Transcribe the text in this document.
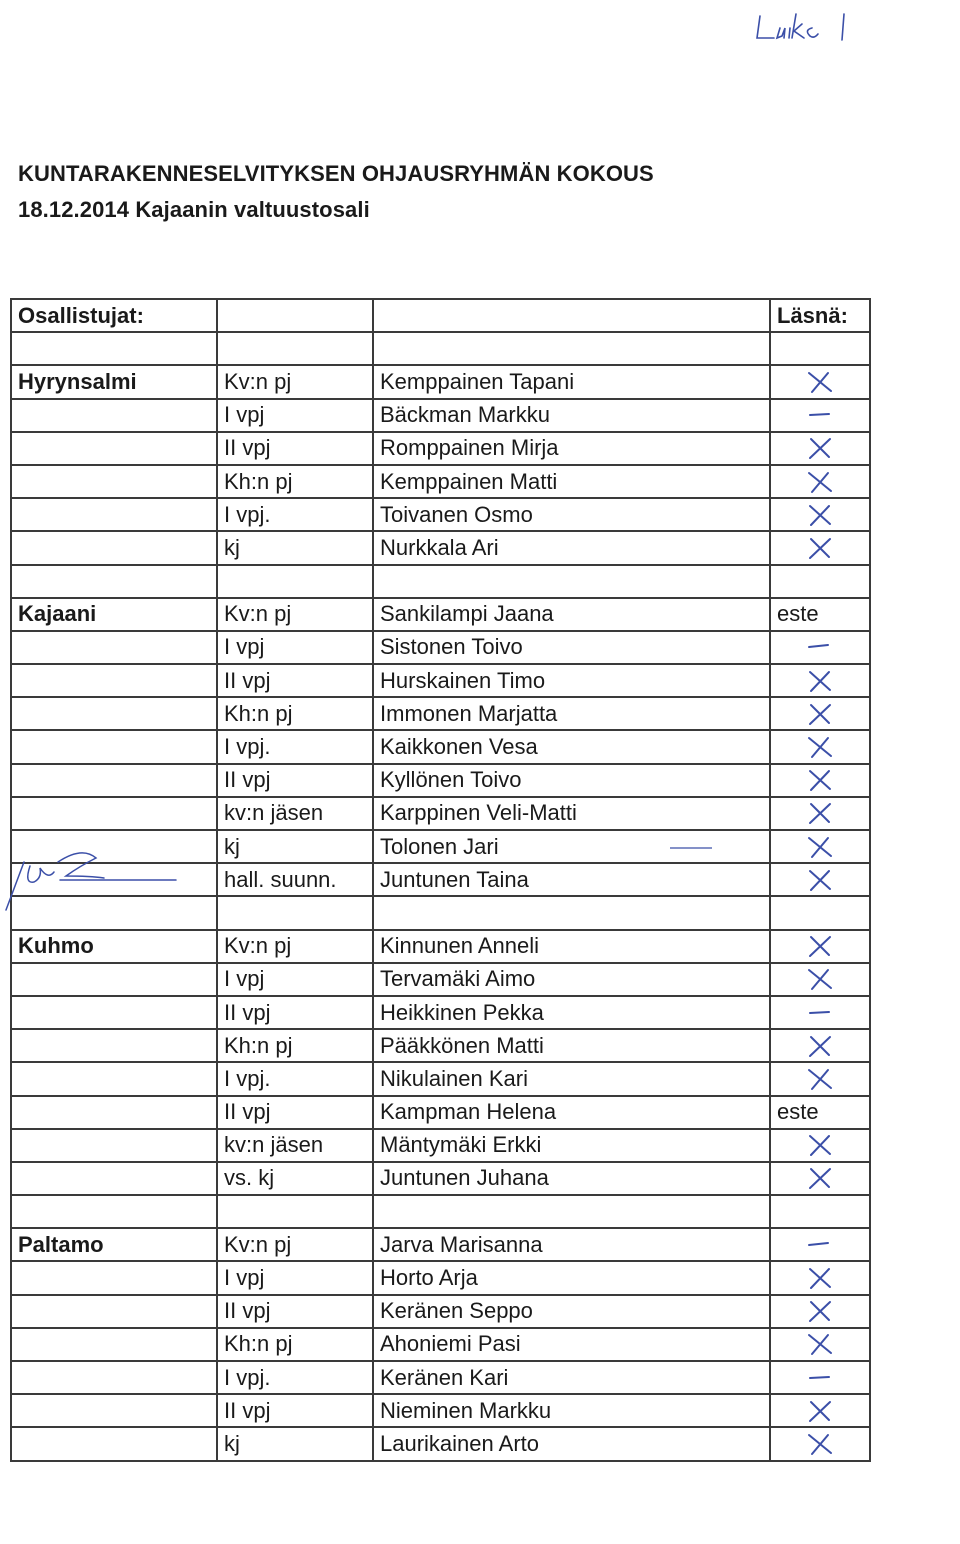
KUNTARAKENNESELVITYKSEN OHJAUSRYHMÄN KOKOUS
18.12.2014 Kajaanin valtuustosali
Osallistujat:			Läsnä:

Hyrynsalmi	Kv:n pj	Kemppainen Tapani	

	I vpj	Bäckman Markku	

	II vpj	Romppainen Mirja	

	Kh:n pj	Kemppainen Matti	

	I vpj.	Toivanen Osmo	

	kj	Nurkkala Ari	

Kajaani	Kv:n pj	Sankilampi Jaana	este
	I vpj	Sistonen Toivo	

	II vpj	Hurskainen Timo	

	Kh:n pj	Immonen Marjatta	

	I vpj.	Kaikkonen Vesa	

	II vpj	Kyllönen Toivo	

	kv:n jäsen	Karppinen Veli-Matti	

	kj	Tolonen Jari	

	hall. suunn.	Juntunen Taina	

Kuhmo	Kv:n pj	Kinnunen Anneli	

	I vpj	Tervamäki Aimo	

	II vpj	Heikkinen Pekka	

	Kh:n pj	Pääkkönen Matti	

	I vpj.	Nikulainen Kari	

	II vpj	Kampman Helena	este
	kv:n jäsen	Mäntymäki Erkki	

	vs. kj	Juntunen Juhana	

Paltamo	Kv:n pj	Jarva Marisanna	

	I vpj	Horto Arja	

	II vpj	Keränen Seppo	

	Kh:n pj	Ahoniemi Pasi	

	I vpj.	Keränen Kari	

	II vpj	Nieminen Markku	

	kj	Laurikainen Arto	
